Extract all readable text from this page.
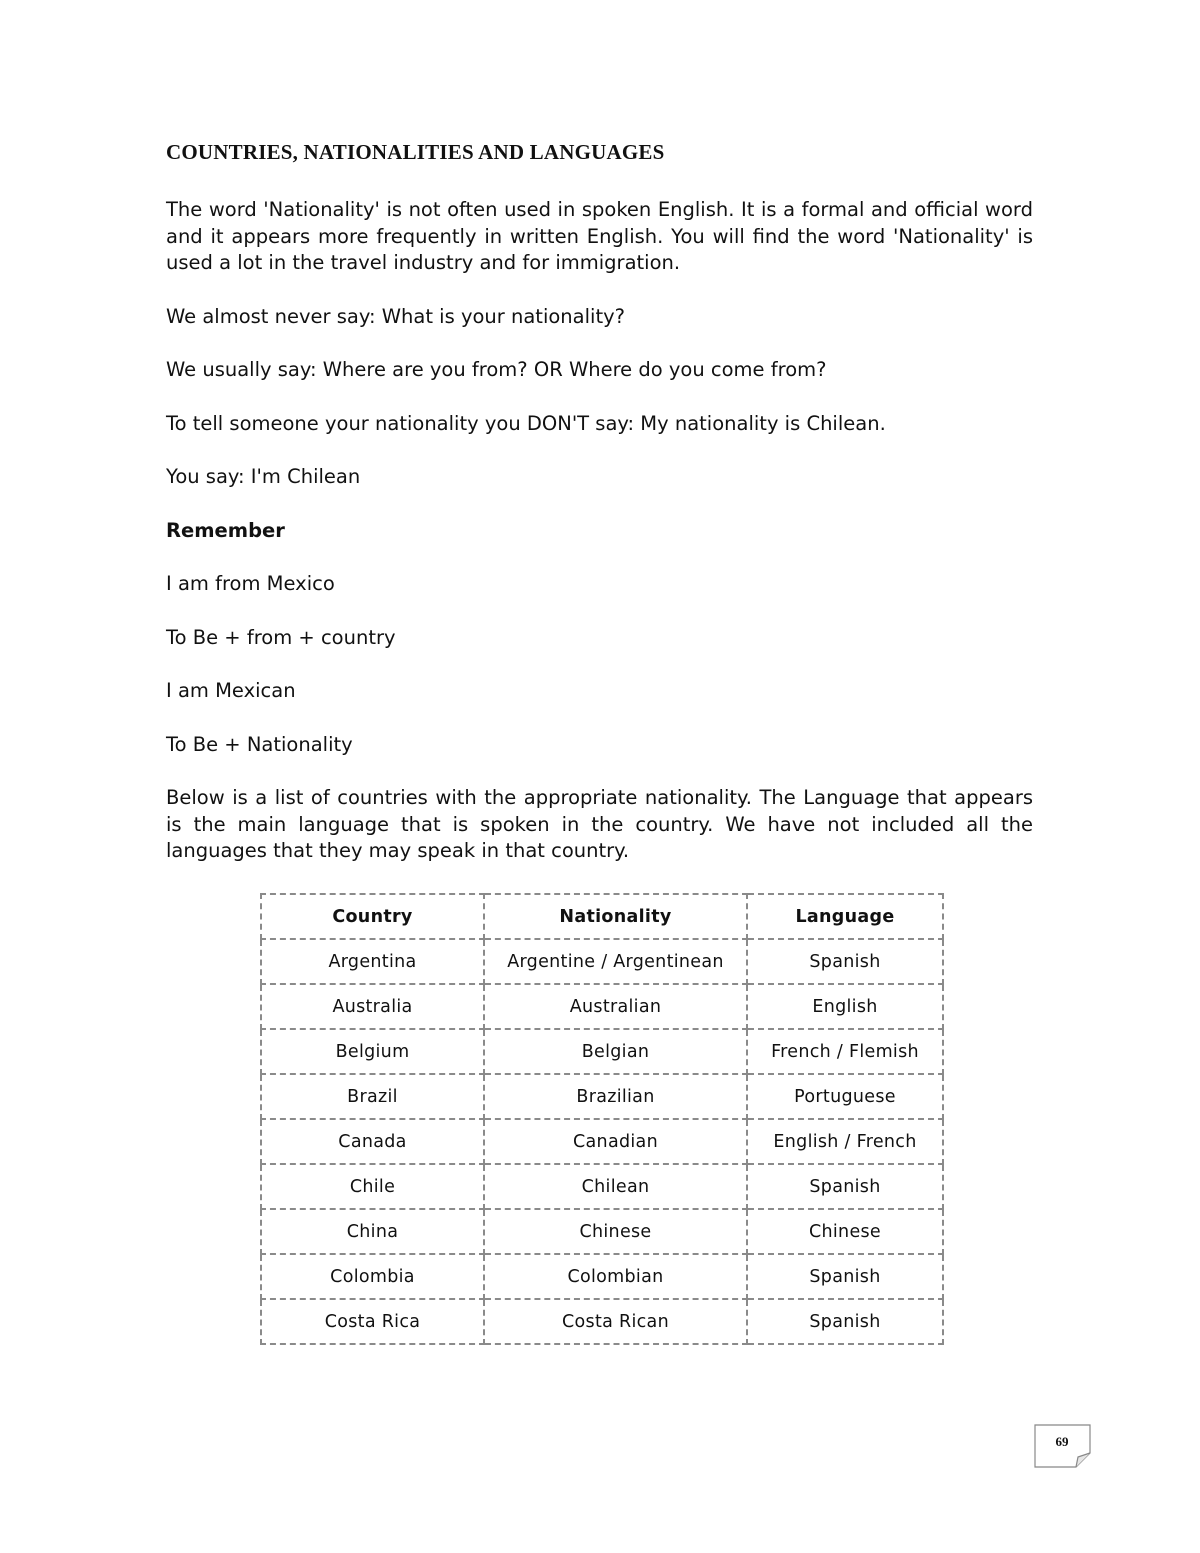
COUNTRIES, NATIONALITIES AND LANGUAGES

The word 'Nationality' is not often used in spoken English. It is a formal and official word and it appears more frequently in written English. You will find the word 'Nationality' is used a lot in the travel industry and for immigration.

We almost never say: What is your nationality?

We usually say: Where are you from? OR Where do you come from?

To tell someone your nationality you DON'T say: My nationality is Chilean.

You say: I'm Chilean

Remember

I am from Mexico

To Be + from + country

I am Mexican

To Be + Nationality

Below is a list of countries with the appropriate nationality. The Language that appears is the main language that is spoken in the country. We have not included all the languages that they may speak in that country.

Country	Nationality	Language
Argentina	Argentine / Argentinean	Spanish
Australia	Australian	English
Belgium	Belgian	French / Flemish
Brazil	Brazilian	Portuguese
Canada	Canadian	English / French
Chile	Chilean	Spanish
China	Chinese	Chinese
Colombia	Colombian	Spanish
Costa Rica	Costa Rican	Spanish
69
